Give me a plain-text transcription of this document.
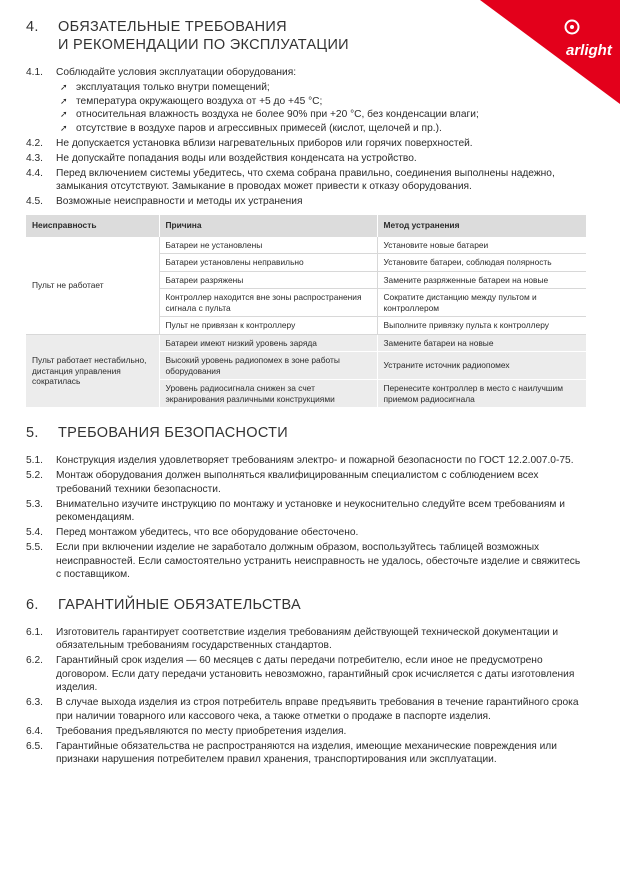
arlight
4. ОБЯЗАТЕЛЬНЫЕ ТРЕБОВАНИЯ
И РЕКОМЕНДАЦИИ ПО ЭКСПЛУАТАЦИИ
4.1. Соблюдайте условия эксплуатации оборудования:
➚ эксплуатация только внутри помещений;
➚ температура окружающего воздуха от +5 до +45 °C;
➚ относительная влажность воздуха не более 90% при +20 °C, без конденсации влаги;
➚ отсутствие в воздухе паров и агрессивных примесей (кислот, щелочей и пр.).
4.2. Не допускается установка вблизи нагревательных приборов или горячих поверхностей.
4.3. Не допускайте попадания воды или воздействия конденсата на устройство.
4.4. Перед включением системы убедитесь, что схема собрана правильно, соединения выполнены надежно, замыкания отсутствуют. Замыкание в проводах может привести к отказу оборудования.
4.5. Возможные неисправности и методы их устранения
Неисправность	Причина	Метод устранения
Пульт не работает	Батареи не установлены	Установите новые батареи
	Батареи установлены неправильно	Установите батареи, соблюдая полярность
	Батареи разряжены	Замените разряженные батареи на новые
	Контроллер находится вне зоны распространения сигнала с пульта	Сократите дистанцию между пультом и контроллером
	Пульт не привязан к контроллеру	Выполните привязку пульта к контроллеру
Пульт работает нестабильно, дистанция управления сократилась	Батареи имеют низкий уровень заряда	Замените батареи на новые
	Высокий уровень радиопомех в зоне работы оборудования	Устраните источник радиопомех
	Уровень радиосигнала снижен за счет экранирования различными конструкциями	Перенесите контроллер в место с наилучшим приемом радиосигнала
5. ТРЕБОВАНИЯ БЕЗОПАСНОСТИ
5.1. Конструкция изделия удовлетворяет требованиям электро- и пожарной безопасности по ГОСТ 12.2.007.0-75.
5.2. Монтаж оборудования должен выполняться квалифицированным специалистом с соблюдением всех требований техники безопасности.
5.3. Внимательно изучите инструкцию по монтажу и установке и неукоснительно следуйте всем требованиям и рекомендациям.
5.4. Перед монтажом убедитесь, что все оборудование обесточено.
5.5. Если при включении изделие не заработало должным образом, воспользуйтесь таблицей возможных неисправностей. Если самостоятельно устранить неисправность не удалось, обесточьте изделие и свяжитесь с поставщиком.
6. ГАРАНТИЙНЫЕ ОБЯЗАТЕЛЬСТВА
6.1. Изготовитель гарантирует соответствие изделия требованиям действующей технической документации и обязательным требованиям государственных стандартов.
6.2. Гарантийный срок изделия — 60 месяцев с даты передачи потребителю, если иное не предусмотрено договором. Если дату передачи установить невозможно, гарантийный срок исчисляется с даты изготовления изделия.
6.3. В случае выхода изделия из строя потребитель вправе предъявить требования в течение гарантийного срока при наличии товарного или кассового чека, а также отметки о продаже в паспорте изделия.
6.4. Требования предъявляются по месту приобретения изделия.
6.5. Гарантийные обязательства не распространяются на изделия, имеющие механические повреждения или признаки нарушения потребителем правил хранения, транспортирования или эксплуатации.
